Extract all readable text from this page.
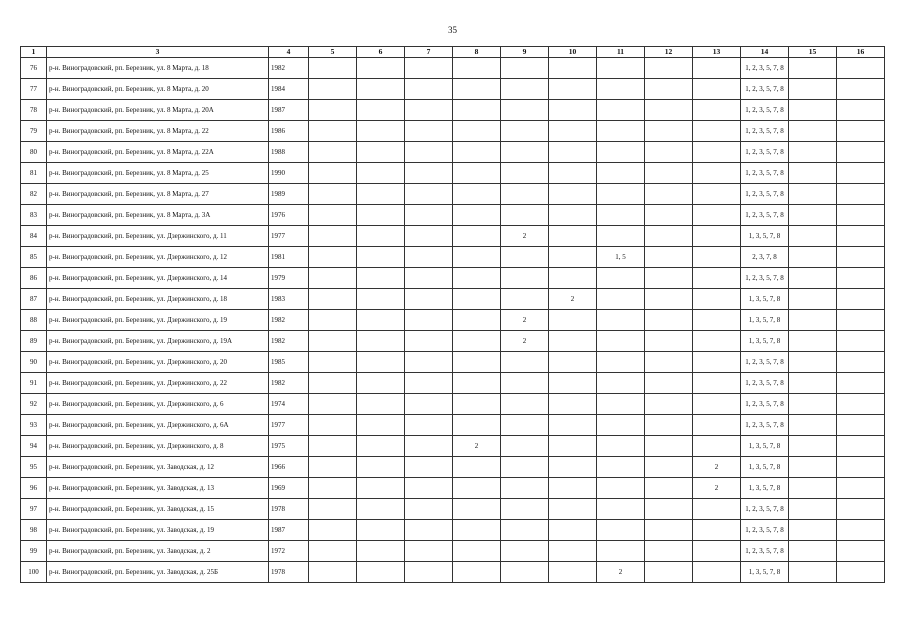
35
1	3	4	5	6	7	8	9	10	11	12	13	14	15	16
76	р-н. Виноградовский, рп. Березник, ул. 8 Марта, д. 18	1982										1, 2, 3, 5, 7, 8		
77	р-н. Виноградовский, рп. Березник, ул. 8 Марта, д. 20	1984										1, 2, 3, 5, 7, 8		
78	р-н. Виноградовский, рп. Березник, ул. 8 Марта, д. 20А	1987										1, 2, 3, 5, 7, 8		
79	р-н. Виноградовский, рп. Березник, ул. 8 Марта, д. 22	1986										1, 2, 3, 5, 7, 8		
80	р-н. Виноградовский, рп. Березник, ул. 8 Марта, д. 22А	1988										1, 2, 3, 5, 7, 8		
81	р-н. Виноградовский, рп. Березник, ул. 8 Марта, д. 25	1990										1, 2, 3, 5, 7, 8		
82	р-н. Виноградовский, рп. Березник, ул. 8 Марта, д. 27	1989										1, 2, 3, 5, 7, 8		
83	р-н. Виноградовский, рп. Березник, ул. 8 Марта, д. 3А	1976										1, 2, 3, 5, 7, 8		
84	р-н. Виноградовский, рп. Березник, ул. Дзержинского, д. 11	1977					2					1, 3, 5, 7, 8		
85	р-н. Виноградовский, рп. Березник, ул. Дзержинского, д. 12	1981							1, 5			2, 3, 7, 8		
86	р-н. Виноградовский, рп. Березник, ул. Дзержинского, д. 14	1979										1, 2, 3, 5, 7, 8		
87	р-н. Виноградовский, рп. Березник, ул. Дзержинского, д. 18	1983						2				1, 3, 5, 7, 8		
88	р-н. Виноградовский, рп. Березник, ул. Дзержинского, д. 19	1982					2					1, 3, 5, 7, 8		
89	р-н. Виноградовский, рп. Березник, ул. Дзержинского, д. 19А	1982					2					1, 3, 5, 7, 8		
90	р-н. Виноградовский, рп. Березник, ул. Дзержинского, д. 20	1985										1, 2, 3, 5, 7, 8		
91	р-н. Виноградовский, рп. Березник, ул. Дзержинского, д. 22	1982										1, 2, 3, 5, 7, 8		
92	р-н. Виноградовский, рп. Березник, ул. Дзержинского, д. 6	1974										1, 2, 3, 5, 7, 8		
93	р-н. Виноградовский, рп. Березник, ул. Дзержинского, д. 6А	1977										1, 2, 3, 5, 7, 8		
94	р-н. Виноградовский, рп. Березник, ул. Дзержинского, д. 8	1975				2						1, 3, 5, 7, 8		
95	р-н. Виноградовский, рп. Березник, ул. Заводская, д. 12	1966									2	1, 3, 5, 7, 8		
96	р-н. Виноградовский, рп. Березник, ул. Заводская, д. 13	1969									2	1, 3, 5, 7, 8		
97	р-н. Виноградовский, рп. Березник, ул. Заводская, д. 15	1978										1, 2, 3, 5, 7, 8		
98	р-н. Виноградовский, рп. Березник, ул. Заводская, д. 19	1987										1, 2, 3, 5, 7, 8		
99	р-н. Виноградовский, рп. Березник, ул. Заводская, д. 2	1972										1, 2, 3, 5, 7, 8		
100	р-н. Виноградовский, рп. Березник, ул. Заводская, д. 25Б	1978							2			1, 3, 5, 7, 8		
